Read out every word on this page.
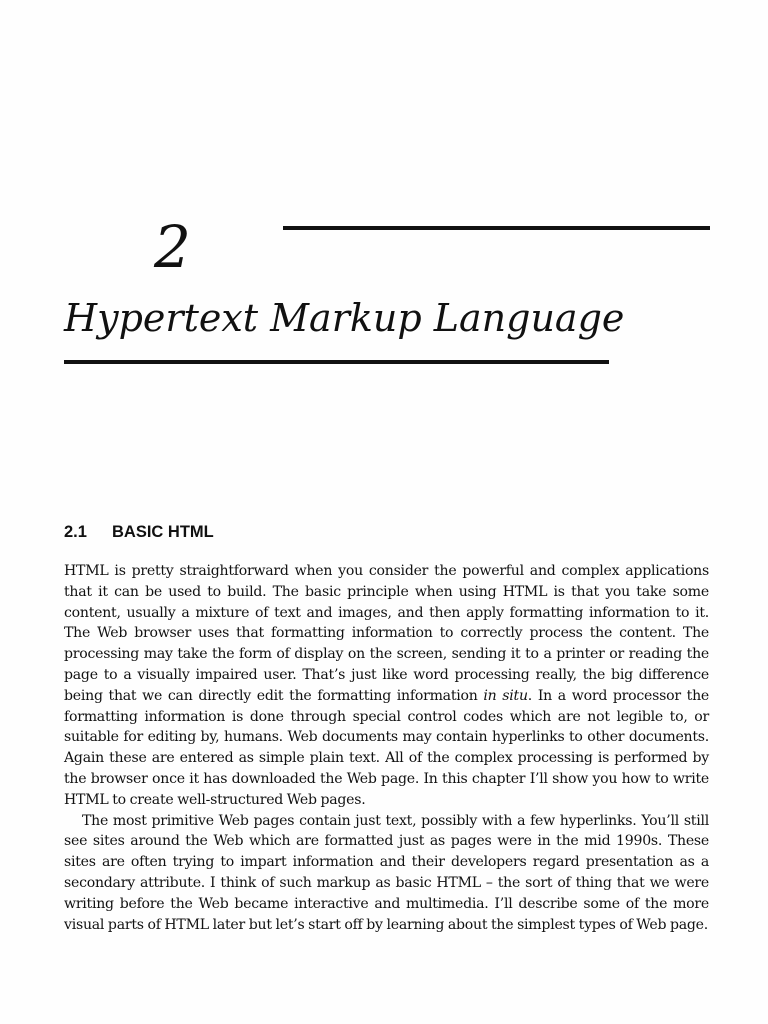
2
Hypertext Markup Language
2.1 BASIC HTML

HTML is pretty straightforward when you consider the powerful and complex applications that it can be used to build. The basic principle when using HTML is that you take some content, usually a mixture of text and images, and then apply formatting information to it. The Web browser uses that formatting information to correctly process the content. The processing may take the form of display on the screen, sending it to a printer or reading the page to a visually impaired user. That’s just like word processing really, the big difference being that we can directly edit the formatting information in situ. In a word processor the formatting information is done through special control codes which are not legible to, or suitable for editing by, humans. Web documents may contain hyperlinks to other documents. Again these are entered as simple plain text. All of the complex processing is performed by the browser once it has downloaded the Web page. In this chapter I’ll show you how to write HTML to create well-structured Web pages.

The most primitive Web pages contain just text, possibly with a few hyperlinks. You’ll still see sites around the Web which are formatted just as pages were in the mid 1990s. These sites are often trying to impart information and their developers regard presentation as a secondary attribute. I think of such markup as basic HTML – the sort of thing that we were writing before the Web became interactive and multimedia. I’ll describe some of the more visual parts of HTML later but let’s start off by learning about the simplest types of Web page.
